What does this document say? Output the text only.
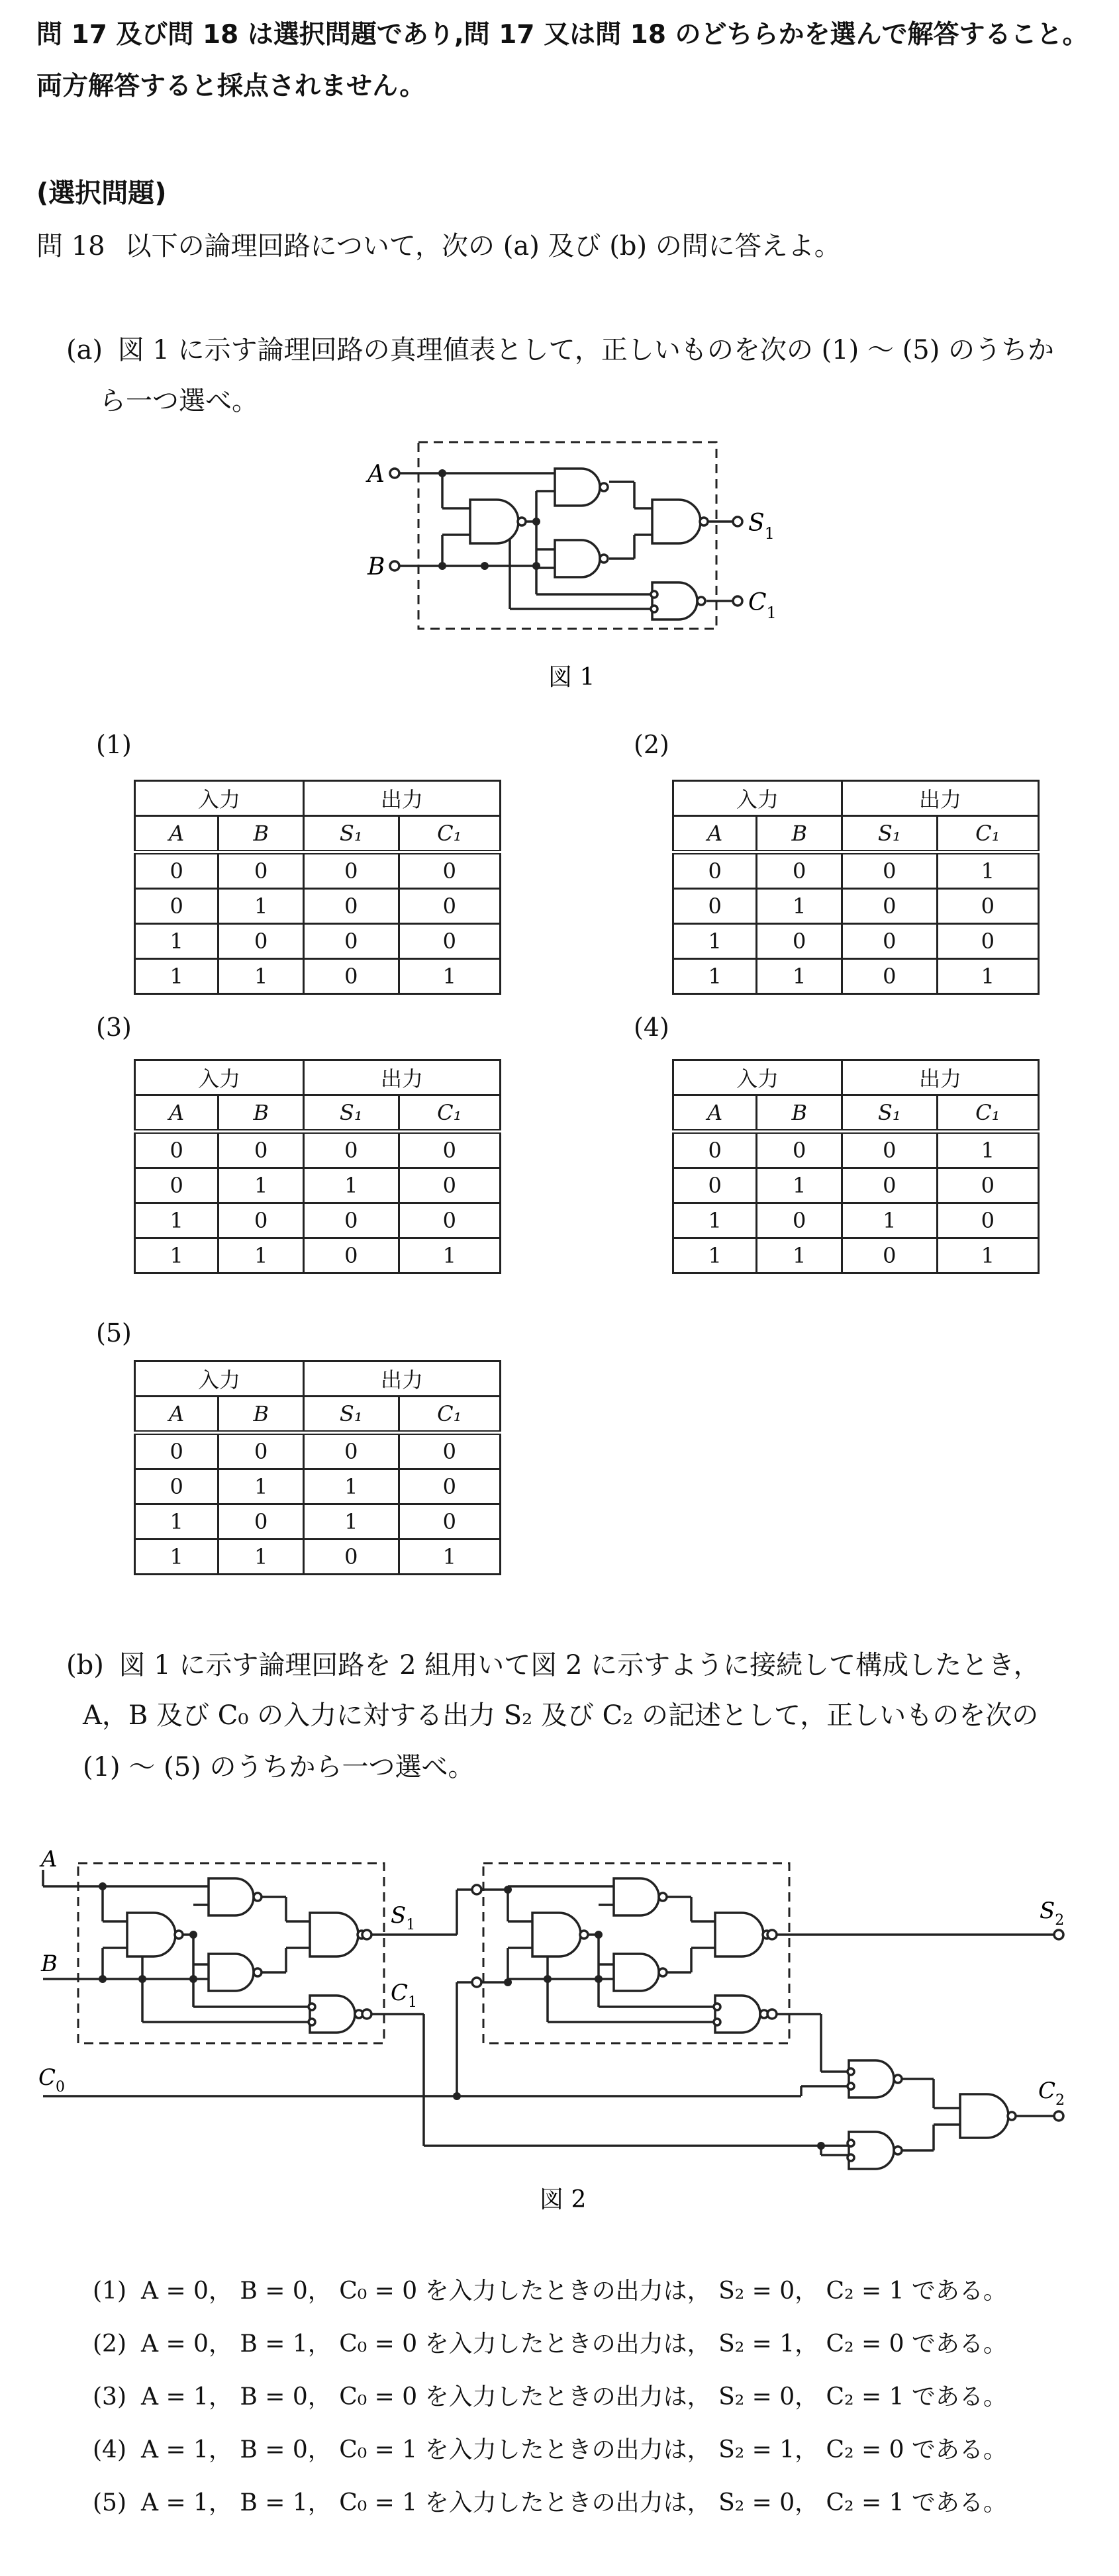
問 17 及び問 18 は選択問題であり,問 17 又は問 18 のどちらかを選んで解答すること。
両方解答すると採点されません。
(選択問題)
問 18 以下の論理回路について，次の (a) 及び (b) の問に答えよ。
(a) 図 1 に示す論理回路の真理値表として，正しいものを次の (1) ～ (5) のうちか
ら一つ選べ。
A
B
$S_1$
$C_1$
図 1
(1)
入力		出力	
A	B	S₁	C₁
0	0	0	0
0	1	0	0
1	0	0	0
1	1	0	1
(2)
入力		出力	
A	B	S₁	C₁
0	0	0	1
0	1	0	0
1	0	0	0
1	1	0	1
(3)
入力		出力	
A	B	S₁	C₁
0	0	0	0
0	1	1	0
1	0	0	0
1	1	0	1
(4)
入力		出力	
A	B	S₁	C₁
0	0	0	1
0	1	0	0
1	0	1	0
1	1	0	1
(5)
入力		出力	
A	B	S₁	C₁
0	0	0	0
0	1	1	0
1	0	1	0
1	1	0	1
(b) 図 1 に示す論理回路を 2 組用いて図 2 に示すように接続して構成したとき，
A，B 及び C₀ の入力に対する出力 S₂ 及び C₂ の記述として，正しいものを次の
(1) ～ (5) のうちから一つ選べ。
A
B
$C_0$
$S_1$
$C_1$
$S_2$
$C_2$
図 2
(1) A = 0， B = 0， C₀ = 0 を入力したときの出力は， S₂ = 0， C₂ = 1 である。
(2) A = 0， B = 1， C₀ = 0 を入力したときの出力は， S₂ = 1， C₂ = 0 である。
(3) A = 1， B = 0， C₀ = 0 を入力したときの出力は， S₂ = 0， C₂ = 1 である。
(4) A = 1， B = 0， C₀ = 1 を入力したときの出力は， S₂ = 1， C₂ = 0 である。
(5) A = 1， B = 1， C₀ = 1 を入力したときの出力は， S₂ = 0， C₂ = 1 である。
